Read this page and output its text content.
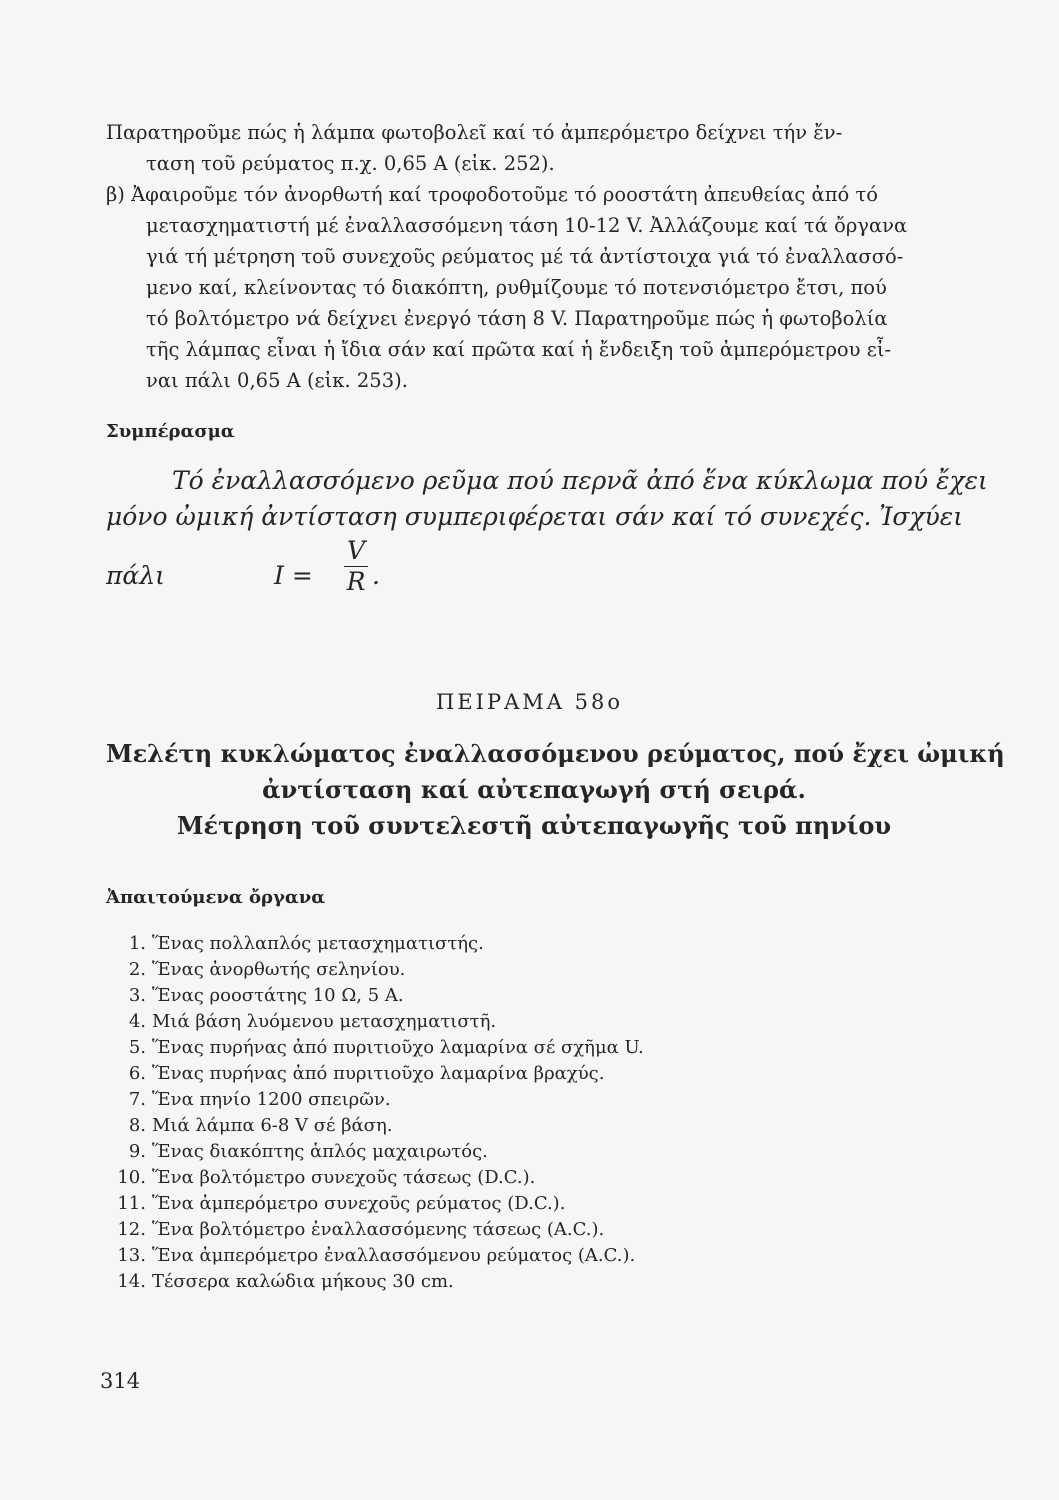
Παρατηροῦμε πώς ἡ λάμπα φωτοβολεῖ καί τό ἀμπερόμετρο δείχνει τήν ἔν-
ταση τοῦ ρεύματος π.χ. 0,65 Α (εἰκ. 252).

β) Ἀφαιροῦμε τόν ἀνορθωτή καί τροφοδοτοῦμε τό ροοστάτη ἀπευθείας ἀπό τό
μετασχηματιστή μέ ἐναλλασσόμενη τάση 10-12 V. Ἀλλάζουμε καί τά ὄργανα
γιά τή μέτρηση τοῦ συνεχοῦς ρεύματος μέ τά ἀντίστοιχα γιά τό ἐναλλασσό-
μενο καί, κλείνοντας τό διακόπτη, ρυθμίζουμε τό ποτενσιόμετρο ἔτσι, πού
τό βολτόμετρο νά δείχνει ἐνεργό τάση 8 V. Παρατηροῦμε πώς ἡ φωτοβολία
τῆς λάμπας εἶναι ἡ ἴδια σάν καί πρῶτα καί ἡ ἔνδειξη τοῦ ἀμπερόμετρου εἶ-
ναι πάλι 0,65 Α (εἰκ. 253).

Συμπέρασμα
Τό ἐναλλασσόμενο ρεῦμα πού περνᾶ ἀπό ἕνα κύκλωμα πού ἔχει
μόνο ὠμική ἀντίσταση συμπεριφέρεται σάν καί τό συνεχές. Ἰσχύει
πάλι	I =
V
R .
ΠΕΙΡΑΜΑ 58ο
Μελέτη κυκλώματος ἐναλλασσόμενου ρεύματος, πού ἔχει ὠμική
ἀντίσταση καί αὐτεπαγωγή στή σειρά.
Μέτρηση τοῦ συντελεστῆ αὐτεπαγωγῆς τοῦ πηνίου
Ἀπαιτούμενα ὄργανα
1. Ἕνας πολλαπλός μετασχηματιστής.
2. Ἕνας ἀνορθωτής σεληνίου.
3. Ἕνας ροοστάτης 10 Ω, 5 Α.
4. Μιά βάση λυόμενου μετασχηματιστῆ.
5. Ἕνας πυρήνας ἀπό πυριτιοῦχο λαμαρίνα σέ σχῆμα U.
6. Ἕνας πυρήνας ἀπό πυριτιοῦχο λαμαρίνα βραχύς.
7. Ἕνα πηνίο 1200 σπειρῶν.
8. Μιά λάμπα 6-8 V σέ βάση.
9. Ἕνας διακόπτης ἁπλός μαχαιρωτός.
10. Ἕνα βολτόμετρο συνεχοῦς τάσεως (D.C.).
11. Ἕνα ἀμπερόμετρο συνεχοῦς ρεύματος (D.C.).
12. Ἕνα βολτόμετρο ἐναλλασσόμενης τάσεως (A.C.).
13. Ἕνα ἀμπερόμετρο ἐναλλασσόμενου ρεύματος (A.C.).
14. Τέσσερα καλώδια μήκους 30 cm.
314
